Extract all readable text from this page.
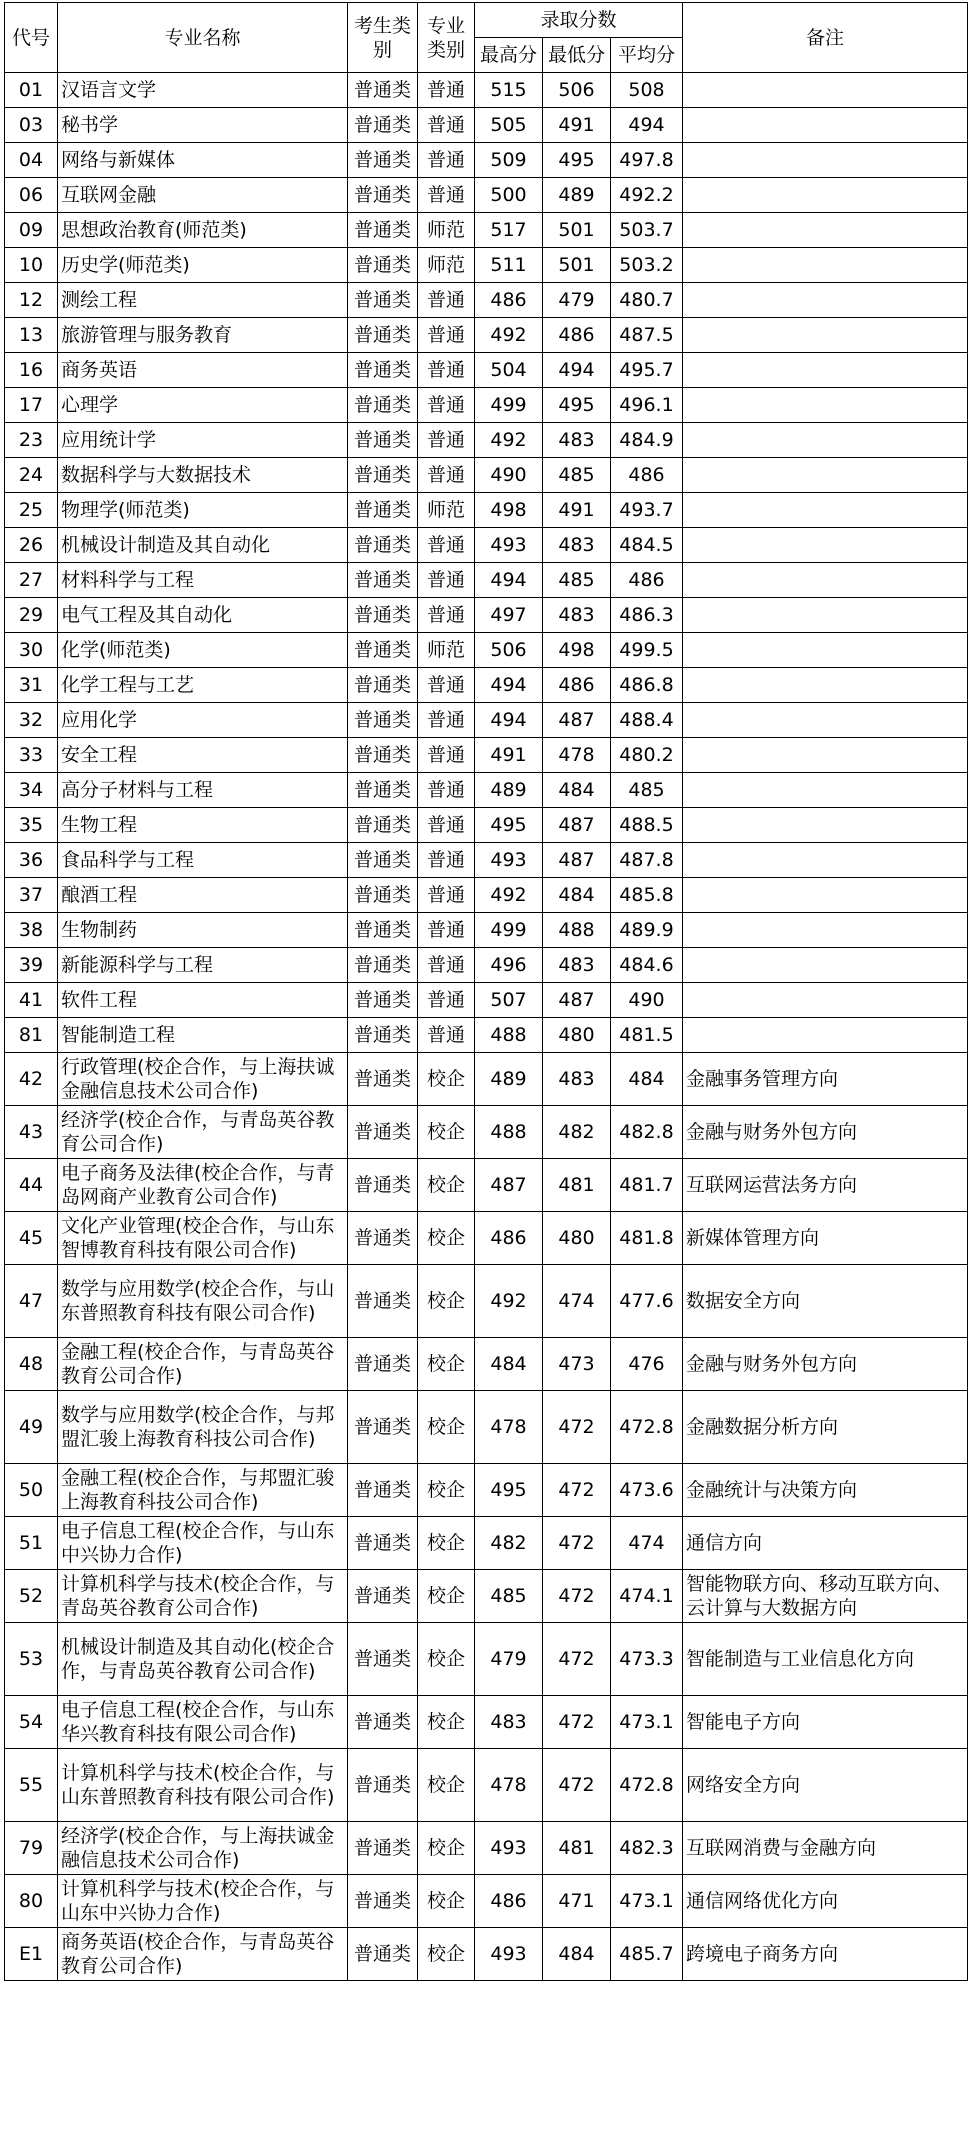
代号	专业名称	考生类别	专业类别	录取分数			备注
				最高分	最低分	平均分	
01	汉语言文学	普通类	普通	515	506	508	
03	秘书学	普通类	普通	505	491	494	
04	网络与新媒体	普通类	普通	509	495	497.8	
06	互联网金融	普通类	普通	500	489	492.2	
09	思想政治教育(师范类)	普通类	师范	517	501	503.7	
10	历史学(师范类)	普通类	师范	511	501	503.2	
12	测绘工程	普通类	普通	486	479	480.7	
13	旅游管理与服务教育	普通类	普通	492	486	487.5	
16	商务英语	普通类	普通	504	494	495.7	
17	心理学	普通类	普通	499	495	496.1	
23	应用统计学	普通类	普通	492	483	484.9	
24	数据科学与大数据技术	普通类	普通	490	485	486	
25	物理学(师范类)	普通类	师范	498	491	493.7	
26	机械设计制造及其自动化	普通类	普通	493	483	484.5	
27	材料科学与工程	普通类	普通	494	485	486	
29	电气工程及其自动化	普通类	普通	497	483	486.3	
30	化学(师范类)	普通类	师范	506	498	499.5	
31	化学工程与工艺	普通类	普通	494	486	486.8	
32	应用化学	普通类	普通	494	487	488.4	
33	安全工程	普通类	普通	491	478	480.2	
34	高分子材料与工程	普通类	普通	489	484	485	
35	生物工程	普通类	普通	495	487	488.5	
36	食品科学与工程	普通类	普通	493	487	487.8	
37	酿酒工程	普通类	普通	492	484	485.8	
38	生物制药	普通类	普通	499	488	489.9	
39	新能源科学与工程	普通类	普通	496	483	484.6	
41	软件工程	普通类	普通	507	487	490	
81	智能制造工程	普通类	普通	488	480	481.5	
42	行政管理(校企合作，与上海扶诚金融信息技术公司合作)	普通类	校企	489	483	484	金融事务管理方向
43	经济学(校企合作，与青岛英谷教育公司合作)	普通类	校企	488	482	482.8	金融与财务外包方向
44	电子商务及法律(校企合作，与青岛网商产业教育公司合作)	普通类	校企	487	481	481.7	互联网运营法务方向
45	文化产业管理(校企合作，与山东智博教育科技有限公司合作)	普通类	校企	486	480	481.8	新媒体管理方向
47	数学与应用数学(校企合作，与山东普照教育科技有限公司合作)	普通类	校企	492	474	477.6	数据安全方向
48	金融工程(校企合作，与青岛英谷教育公司合作)	普通类	校企	484	473	476	金融与财务外包方向
49	数学与应用数学(校企合作，与邦盟汇骏上海教育科技公司合作)	普通类	校企	478	472	472.8	金融数据分析方向
50	金融工程(校企合作，与邦盟汇骏上海教育科技公司合作)	普通类	校企	495	472	473.6	金融统计与决策方向
51	电子信息工程(校企合作，与山东中兴协力合作)	普通类	校企	482	472	474	通信方向
52	计算机科学与技术(校企合作，与青岛英谷教育公司合作)	普通类	校企	485	472	474.1	智能物联方向、移动互联方向、云计算与大数据方向
53	机械设计制造及其自动化(校企合作，与青岛英谷教育公司合作)	普通类	校企	479	472	473.3	智能制造与工业信息化方向
54	电子信息工程(校企合作，与山东华兴教育科技有限公司合作)	普通类	校企	483	472	473.1	智能电子方向
55	计算机科学与技术(校企合作，与山东普照教育科技有限公司合作)	普通类	校企	478	472	472.8	网络安全方向
79	经济学(校企合作，与上海扶诚金融信息技术公司合作)	普通类	校企	493	481	482.3	互联网消费与金融方向
80	计算机科学与技术(校企合作，与山东中兴协力合作)	普通类	校企	486	471	473.1	通信网络优化方向
E1	商务英语(校企合作，与青岛英谷教育公司合作)	普通类	校企	493	484	485.7	跨境电子商务方向
